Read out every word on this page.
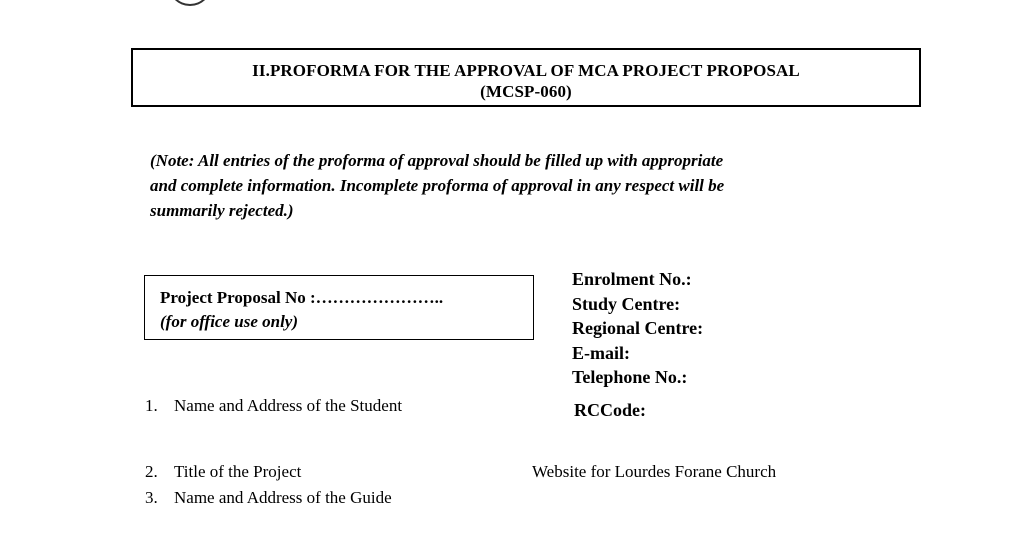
II.PROFORMA FOR THE APPROVAL OF MCA PROJECT PROPOSAL
(MCSP-060)
(Note: All entries of the proforma of approval should be filled up with appropriate
and complete information. Incomplete proforma of approval in any respect will be
summarily rejected.)
Project Proposal No :…………………..
(for office use only)
Enrolment No.:
Study Centre:
Regional Centre:
E-mail:
Telephone No.:
RCCode:
1. Name and Address of the Student
2. Title of the Project	Website for Lourdes Forane Church
3. Name and Address of the Guide
